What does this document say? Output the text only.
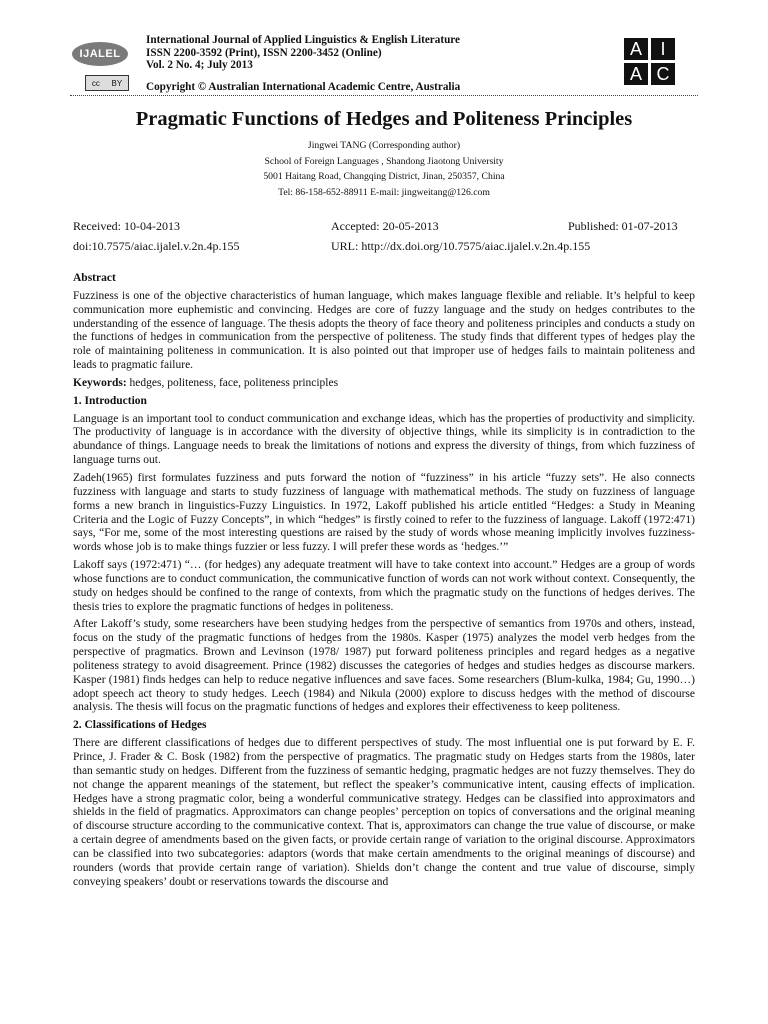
IJALEL
cc BY
International Journal of Applied Linguistics & English Literature
ISSN 2200-3592 (Print), ISSN 2200-3452 (Online)
Vol. 2 No. 4; July 2013
Copyright © Australian International Academic Centre, Australia
A	I
A C
Pragmatic Functions of Hedges and Politeness Principles
Jingwei TANG (Corresponding author)
School of Foreign Languages , Shandong Jiaotong University
5001 Haitang Road, Changqing District, Jinan, 250357, China
Tel: 86-158-652-88911 E-mail: jingweitang@126.com
Received: 10-04-2013	Accepted: 20-05-2013	Published: 01-07-2013
doi:10.7575/aiac.ijalel.v.2n.4p.155	URL: http://dx.doi.org/10.7575/aiac.ijalel.v.2n.4p.155
Abstract

Fuzziness is one of the objective characteristics of human language, which makes language flexible and reliable. It’s helpful to keep communication more euphemistic and convincing. Hedges are core of fuzzy language and the study on hedges contributes to the understanding of the essence of language. The thesis adopts the theory of face theory and politeness principles and conducts a study on the functions of hedges in communication from the perspective of politeness. The study finds that different types of hedges play the role of maintaining politeness in communication. It is also pointed out that improper use of hedges fails to maintain politeness and leads to pragmatic failure.

Keywords: hedges, politeness, face, politeness principles
1. Introduction

Language is an important tool to conduct communication and exchange ideas, which has the properties of productivity and simplicity. The productivity of language is in accordance with the diversity of objective things, while its simplicity is in contradiction to the abundance of things. Language needs to break the limitations of notions and express the diversity of things, from which fuzziness of language turns out.

Zadeh(1965) first formulates fuzziness and puts forward the notion of “fuzziness” in his article “fuzzy sets”. He also connects fuzziness with language and starts to study fuzziness of language with mathematical methods. The study on fuzziness of language forms a new branch in linguistics-Fuzzy Linguistics. In 1972, Lakoff published his article entitled “Hedges: a Study in Meaning Criteria and the Logic of Fuzzy Concepts”, in which “hedges” is firstly coined to refer to the fuzziness of language. Lakoff (1972:471) says, “For me, some of the most interesting questions are raised by the study of words whose meaning implicitly involves fuzziness- words whose job is to make things fuzzier or less fuzzy. I will prefer these words as ‘hedges.’”

Lakoff says (1972:471) “… (for hedges) any adequate treatment will have to take context into account.” Hedges are a group of words whose functions are to conduct communication, the communicative function of words can not work without context. Consequently, the study on hedges should be confined to the range of contexts, from which the pragmatic study on the functions of hedges derives. The thesis tries to explore the pragmatic functions of hedges in politeness.

After Lakoff’s study, some researchers have been studying hedges from the perspective of semantics from 1970s and others, instead, focus on the study of the pragmatic functions of hedges from the 1980s. Kasper (1975) analyzes the model verb hedges from the perspective of pragmatics. Brown and Levinson (1978/ 1987) put forward politeness principles and regard hedges as a negative politeness strategy to avoid disagreement. Prince (1982) discusses the categories of hedges and studies hedges as discourse markers. Kasper (1981) finds hedges can help to reduce negative influences and save faces. Some researchers (Blum-kulka, 1984; Gu, 1990…) adopt speech act theory to study hedges. Leech (1984) and Nikula (2000) explore to discuss hedges with the method of discourse analysis. The thesis will focus on the pragmatic functions of hedges and explores their effectiveness to keep politeness.

2. Classifications of Hedges

There are different classifications of hedges due to different perspectives of study. The most influential one is put forward by E. F. Prince, J. Frader & C. Bosk (1982) from the perspective of pragmatics. The pragmatic study on Hedges starts from the 1980s, later than semantic study on hedges. Different from the fuzziness of semantic hedging, pragmatic hedges are not fuzzy themselves. They do not change the apparent meanings of the statement, but reflect the speaker’s communicative intent, causing effects of implication. Hedges have a strong pragmatic color, being a wonderful communicative strategy. Hedges can be classified into approximators and shields in the field of pragmatics. Approximators can change peoples’ perception on topics of conversations and the original meaning of discourse structure according to the communicative context. That is, approximators can change the true value of discourse, or make a certain degree of amendments based on the given facts, or provide certain range of variation to the original discourse. Approximators can be classified into two subcategories: adaptors (words that make certain amendments to the original meanings of discourse) and rounders (words that provide certain range of variation). Shields don’t change the content and true value of discourse, simply conveying speakers’ doubt or reservations towards the discourse and
